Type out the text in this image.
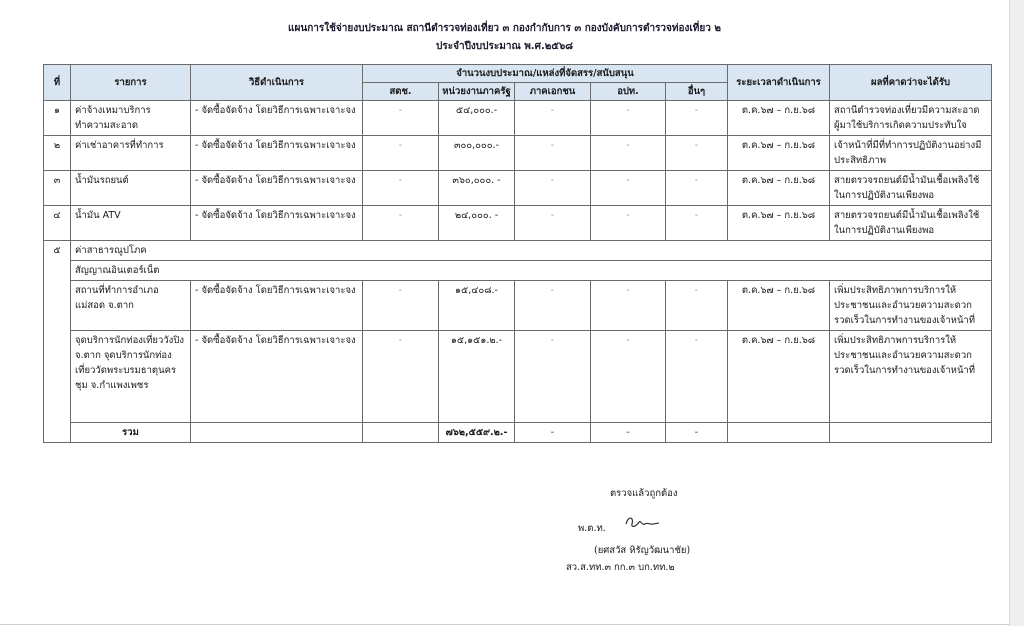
แผนการใช้จ่ายงบประมาณ สถานีตำรวจท่องเที่ยว ๓ กองกำกับการ ๓ กองบังคับการตำรวจท่องเที่ยว ๒
ประจำปีงบประมาณ พ.ศ.๒๕๖๘
ที่	รายการ	วิธีดำเนินการ	จำนวนงบประมาณ/แหล่งที่จัดสรร/สนับสนุน					ระยะเวลาดำเนินการ	ผลที่คาดว่าจะได้รับ
			สตช.	หน่วยงานภาครัฐ	ภาคเอกชน	อปท.	อื่นๆ		
๑	ค่าจ้างเหมาบริการ ทำความสะอาด	- จัดซื้อจัดจ้าง โดยวิธีการเฉพาะเจาะจง	-	๕๔,๐๐๐.-	-	-	-	ต.ค.๖๗ – ก.ย.๖๘	สถานีตำรวจท่องเที่ยวมีความสะอาด ผู้มาใช้บริการเกิดความประทับใจ
๒	ค่าเช่าอาคารที่ทำการ	- จัดซื้อจัดจ้าง โดยวิธีการเฉพาะเจาะจง	-	๓๐๐,๐๐๐.-	-	-	-	ต.ค.๖๗ – ก.ย.๖๘	เจ้าหน้าที่มีที่ทำการปฏิบัติงานอย่างมีประสิทธิภาพ
๓	น้ำมันรถยนต์	- จัดซื้อจัดจ้าง โดยวิธีการเฉพาะเจาะจง	-	๓๖๐,๐๐๐. -	-	-	-	ต.ค.๖๗ – ก.ย.๖๘	สายตรวจรถยนต์มีน้ำมันเชื้อเพลิงใช้ในการปฏิบัติงานเพียงพอ
๔	น้ำมัน ATV	- จัดซื้อจัดจ้าง โดยวิธีการเฉพาะเจาะจง	-	๒๔,๐๐๐. -	-	-	-	ต.ค.๖๗ – ก.ย.๖๘	สายตรวจรถยนต์มีน้ำมันเชื้อเพลิงใช้ในการปฏิบัติงานเพียงพอ
๕	ค่าสาธารณูปโภค								
	สัญญาณอินเตอร์เน็ต								
	สถานที่ทำการอำเภอแม่สอด จ.ตาก	- จัดซื้อจัดจ้าง โดยวิธีการเฉพาะเจาะจง	-	๑๕,๔๐๘.-	-	-	-	ต.ค.๖๗ – ก.ย.๖๘	เพิ่มประสิทธิภาพการบริการให้ประชาชนและอำนวยความสะดวกรวดเร็วในการทำงานของเจ้าหน้าที่
	จุดบริการนักท่องเที่ยววังปิง จ.ตาก จุดบริการนักท่องเที่ยววัดพระบรมธาตุนครชุม จ.กำแพงเพชร	- จัดซื้อจัดจ้าง โดยวิธีการเฉพาะเจาะจง	-	๑๕,๑๕๑.๒.-	-	-	-	ต.ค.๖๗ – ก.ย.๖๘	เพิ่มประสิทธิภาพการบริการให้ประชาชนและอำนวยความสะดวกรวดเร็วในการทำงานของเจ้าหน้าที่
	รวม			๗๖๒,๕๕๙.๒.-	-	-	-		
ตรวจแล้วถูกต้อง
พ.ต.ท.
(ยศสวัส หิรัญวัฒนาชัย)
สว.ส.ทท.๓ กก.๓ บก.ทท.๒
